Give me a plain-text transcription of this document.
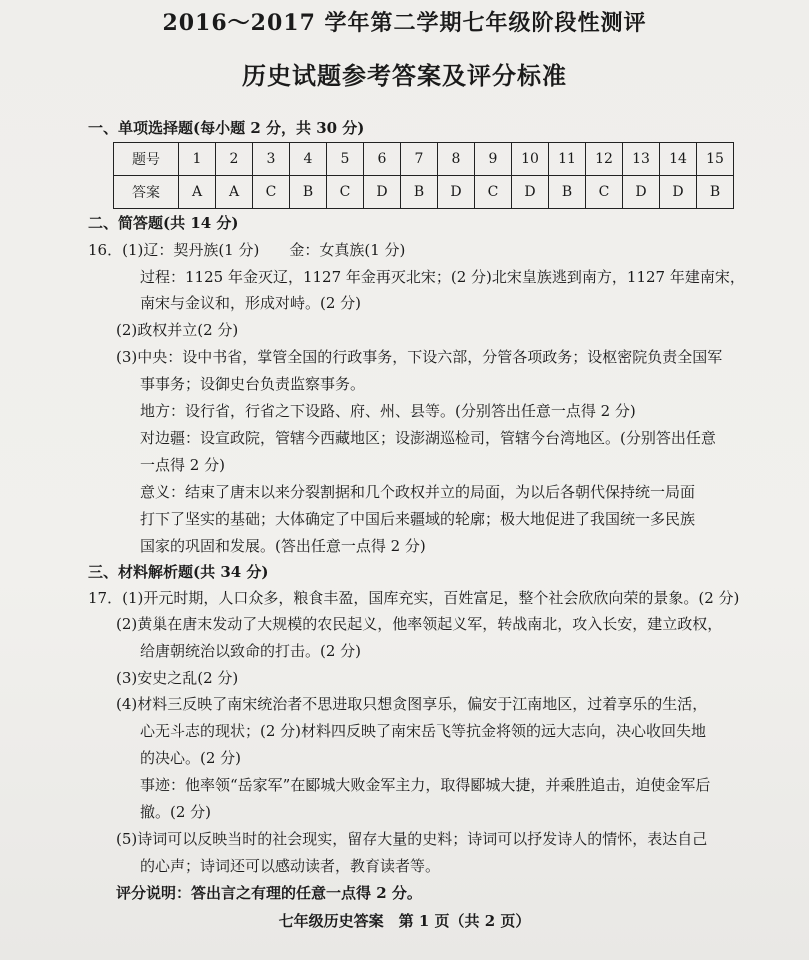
2016～2017 学年第二学期七年级阶段性测评
历史试题参考答案及评分标准
一、单项选择题(每小题 2 分，共 30 分)
题号	1	2	3	4	5	6	7	8	9	10	11	12	13	14	15
答案	A	A	C	B	C	D	B	D	C	D	B	C	D	D	B
二、简答题(共 14 分)
16．(1)辽：契丹族(1 分)　　金：女真族(1 分)
过程：1125 年金灭辽，1127 年金再灭北宋；(2 分)北宋皇族逃到南方，1127 年建南宋，
南宋与金议和，形成对峙。(2 分)
(2)政权并立(2 分)
(3)中央：设中书省，掌管全国的行政事务，下设六部，分管各项政务；设枢密院负责全国军
事事务；设御史台负责监察事务。
地方：设行省，行省之下设路、府、州、县等。(分别答出任意一点得 2 分)
对边疆：设宣政院，管辖今西藏地区；设澎湖巡检司，管辖今台湾地区。(分别答出任意
一点得 2 分)
意义：结束了唐末以来分裂割据和几个政权并立的局面，为以后各朝代保持统一局面
打下了坚实的基础；大体确定了中国后来疆域的轮廓；极大地促进了我国统一多民族
国家的巩固和发展。(答出任意一点得 2 分)
三、材料解析题(共 34 分)
17．(1)开元时期，人口众多，粮食丰盈，国库充实，百姓富足，整个社会欣欣向荣的景象。(2 分)
(2)黄巢在唐末发动了大规模的农民起义，他率领起义军，转战南北，攻入长安，建立政权，
给唐朝统治以致命的打击。(2 分)
(3)安史之乱(2 分)
(4)材料三反映了南宋统治者不思进取只想贪图享乐，偏安于江南地区，过着享乐的生活，
心无斗志的现状；(2 分)材料四反映了南宋岳飞等抗金将领的远大志向，决心收回失地
的决心。(2 分)
事迹：他率领“岳家军”在郾城大败金军主力，取得郾城大捷，并乘胜追击，迫使金军后
撤。(2 分)
(5)诗词可以反映当时的社会现实，留存大量的史料；诗词可以抒发诗人的情怀，表达自己
的心声；诗词还可以感动读者，教育读者等。
评分说明：答出言之有理的任意一点得 2 分。
七年级历史答案　第 1 页（共 2 页）
